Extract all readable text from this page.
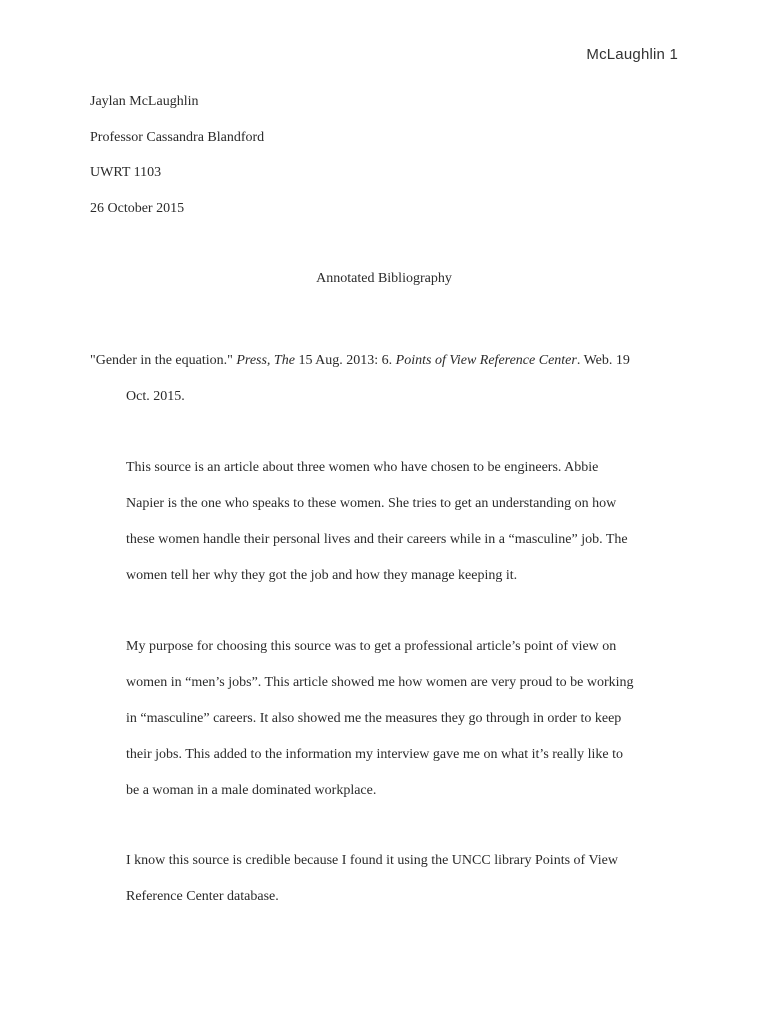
McLaughlin 1
Jaylan McLaughlin
Professor Cassandra Blandford
UWRT 1103
26 October 2015
Annotated Bibliography
"Gender in the equation." Press, The 15 Aug. 2013: 6. Points of View Reference Center. Web. 19
Oct. 2015.
This source is an article about three women who have chosen to be engineers. Abbie
Napier is the one who speaks to these women. She tries to get an understanding on how
these women handle their personal lives and their careers while in a “masculine” job. The
women tell her why they got the job and how they manage keeping it.
My purpose for choosing this source was to get a professional article’s point of view on
women in “men’s jobs”. This article showed me how women are very proud to be working
in “masculine” careers. It also showed me the measures they go through in order to keep
their jobs. This added to the information my interview gave me on what it’s really like to
be a woman in a male dominated workplace.
I know this source is credible because I found it using the UNCC library Points of View
Reference Center database.
